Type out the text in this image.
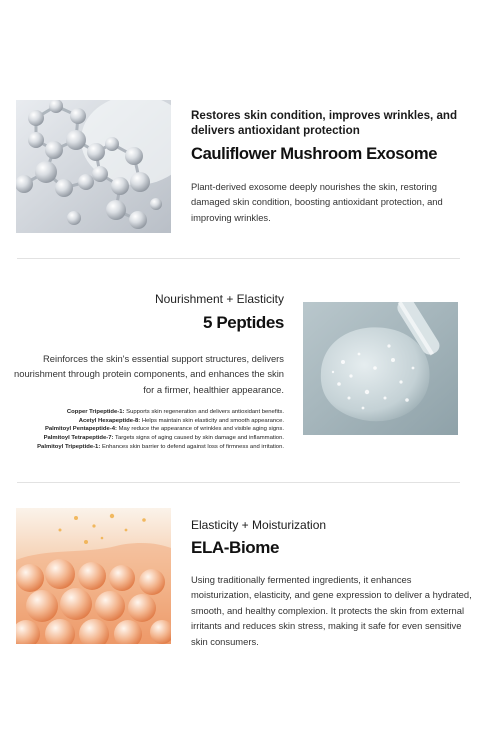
Restores skin condition, improves wrinkles, and delivers antioxidant protection
Cauliflower Mushroom Exosome
Plant-derived exosome deeply nourishes the skin, restoring damaged skin condition, boosting antioxidant protection, and improving wrinkles.
Nourishment + Elasticity
5 Peptides
Reinforces the skin's essential support structures, delivers nourishment through protein components, and enhances the skin for a firmer, healthier appearance.
Copper Tripeptide-1: Supports skin regeneration and delivers antioxidant benefits.
Acetyl Hexapeptide-8: Helps maintain skin elasticity and smooth appearance.
Palmitoyl Pentapeptide-4: May reduce the appearance of wrinkles and visible aging signs.
Palmitoyl Tetrapeptide-7: Targets signs of aging caused by skin damage and inflammation.
Palmitoyl Tripeptide-1: Enhances skin barrier to defend against loss of firmness and irritation.
Elasticity + Moisturization
ELA-Biome
Using traditionally fermented ingredients, it enhances moisturization, elasticity, and gene expression to deliver a hydrated, smooth, and healthy complexion. It protects the skin from external irritants and reduces skin stress, making it safe for even sensitive skin consumers.
